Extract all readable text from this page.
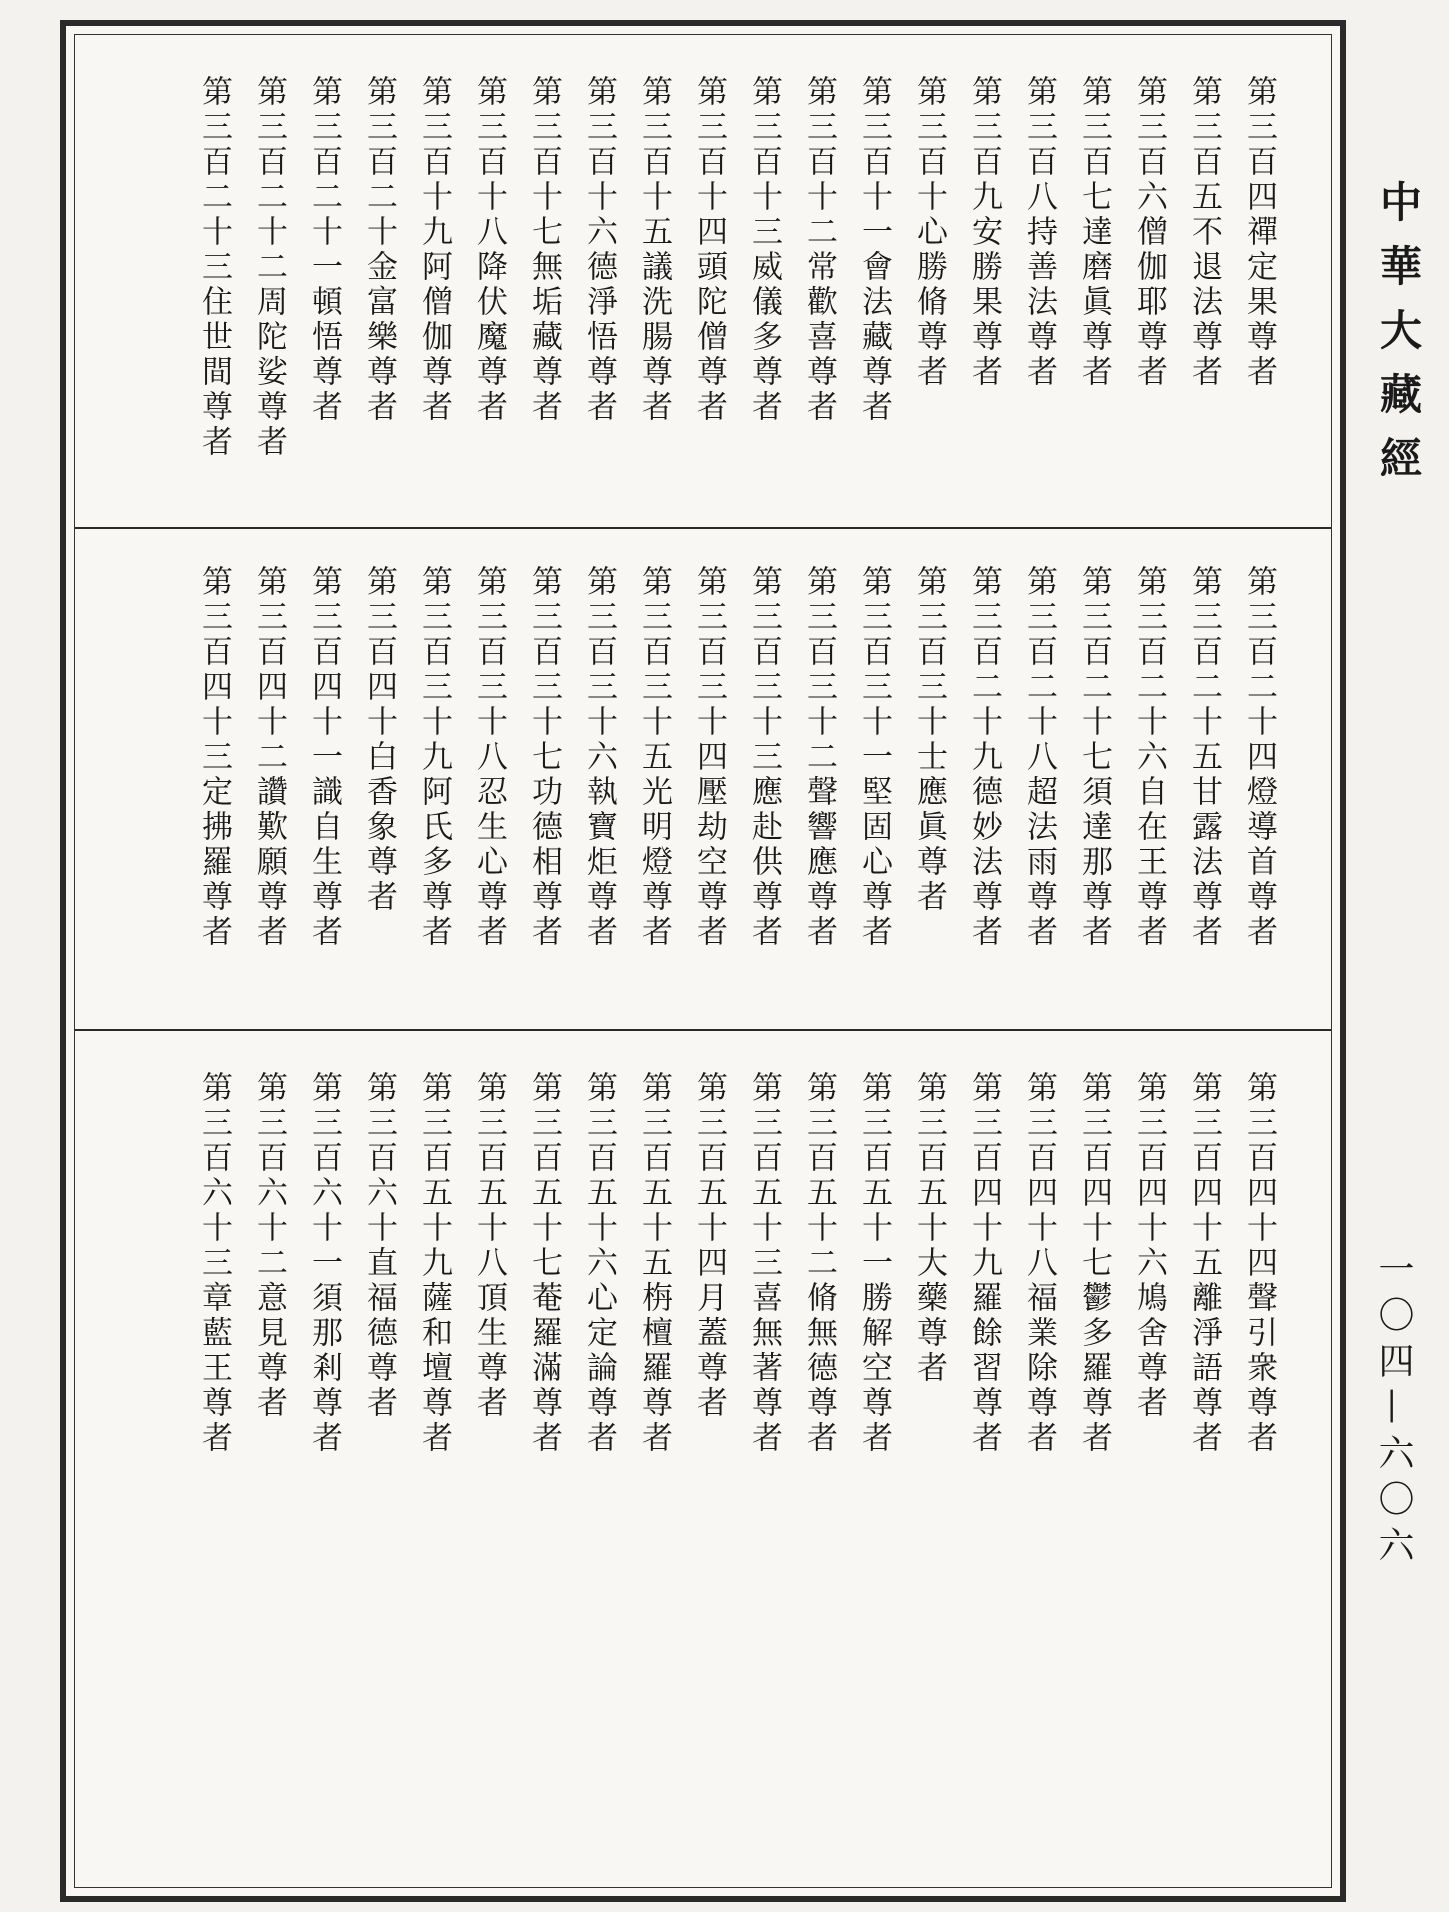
第三百四禪定果尊者
第三百五不退法尊者
第三百六僧伽耶尊者
第三百七達磨眞尊者
第三百八持善法尊者
第三百九安勝果尊者
第三百十心勝脩尊者
第三百十一會法藏尊者
第三百十二常歡喜尊者
第三百十三威儀多尊者
第三百十四頭陀僧尊者
第三百十五議洗腸尊者
第三百十六德淨悟尊者
第三百十七無垢藏尊者
第三百十八降伏魔尊者
第三百十九阿僧伽尊者
第三百二十金富樂尊者
第三百二十一頓悟尊者
第三百二十二周陀娑尊者
第三百二十三住世間尊者
第三百二十四燈導首尊者
第三百二十五甘露法尊者
第三百二十六自在王尊者
第三百二十七須達那尊者
第三百二十八超法雨尊者
第三百二十九德妙法尊者
第三百三十士應眞尊者
第三百三十一堅固心尊者
第三百三十二聲響應尊者
第三百三十三應赴供尊者
第三百三十四壓劫空尊者
第三百三十五光明燈尊者
第三百三十六執寶炬尊者
第三百三十七功德相尊者
第三百三十八忍生心尊者
第三百三十九阿氏多尊者
第三百四十白香象尊者
第三百四十一識自生尊者
第三百四十二讚歎願尊者
第三百四十三定拂羅尊者
第三百四十四聲引衆尊者
第三百四十五離淨語尊者
第三百四十六鳩舍尊者
第三百四十七鬱多羅尊者
第三百四十八福業除尊者
第三百四十九羅餘習尊者
第三百五十大藥尊者
第三百五十一勝解空尊者
第三百五十二脩無德尊者
第三百五十三喜無著尊者
第三百五十四月蓋尊者
第三百五十五栴檀羅尊者
第三百五十六心定論尊者
第三百五十七菴羅滿尊者
第三百五十八頂生尊者
第三百五十九薩和壇尊者
第三百六十直福德尊者
第三百六十一須那剎尊者
第三百六十二意見尊者
第三百六十三章藍王尊者
中華大藏經
一〇四—六〇六
